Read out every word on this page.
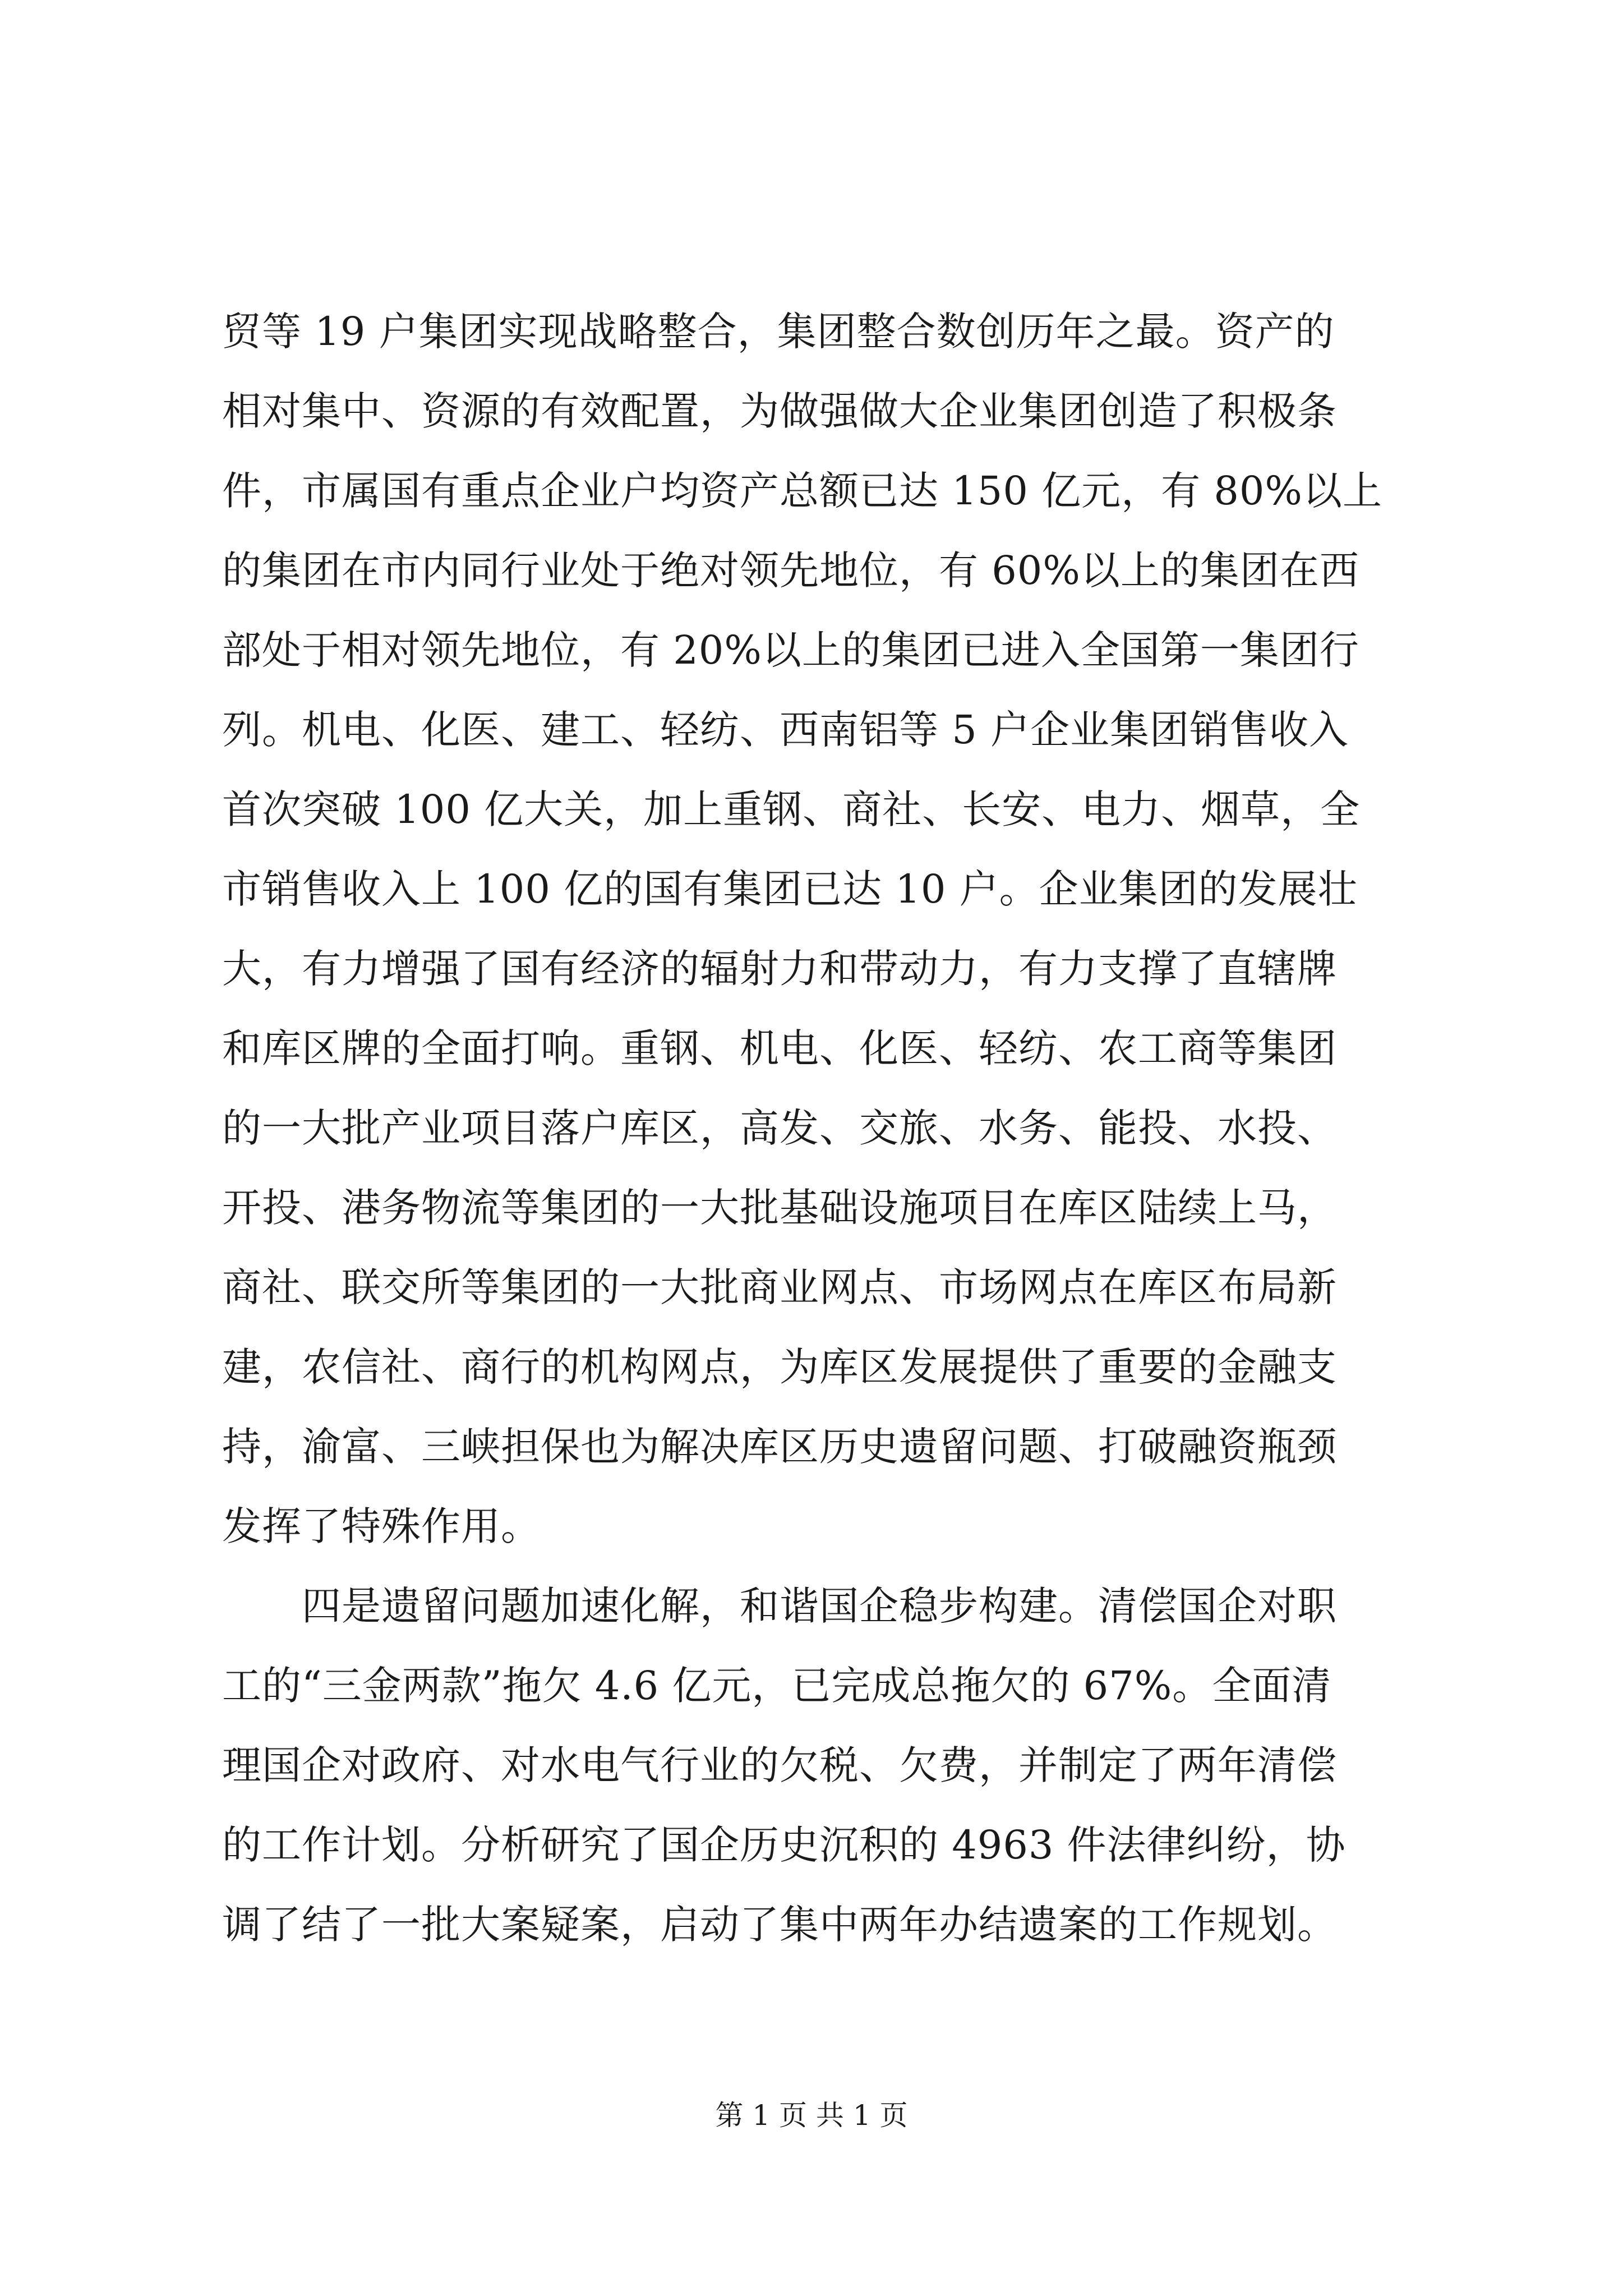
贸等 19 户集团实现战略整合，集团整合数创历年之最。资产的
相对集中、资源的有效配置，为做强做大企业集团创造了积极条
件，市属国有重点企业户均资产总额已达 150 亿元，有 80%以上
的集团在市内同行业处于绝对领先地位，有 60%以上的集团在西
部处于相对领先地位，有 20%以上的集团已进入全国第一集团行
列。机电、化医、建工、轻纺、西南铝等 5 户企业集团销售收入
首次突破 100 亿大关，加上重钢、商社、长安、电力、烟草，全
市销售收入上 100 亿的国有集团已达 10 户。企业集团的发展壮
大，有力增强了国有经济的辐射力和带动力，有力支撑了直辖牌
和库区牌的全面打响。重钢、机电、化医、轻纺、农工商等集团
的一大批产业项目落户库区，高发、交旅、水务、能投、水投、
开投、港务物流等集团的一大批基础设施项目在库区陆续上马，
商社、联交所等集团的一大批商业网点、市场网点在库区布局新
建，农信社、商行的机构网点，为库区发展提供了重要的金融支
持，渝富、三峡担保也为解决库区历史遗留问题、打破融资瓶颈
发挥了特殊作用。
　　四是遗留问题加速化解，和谐国企稳步构建。清偿国企对职
工的“三金两款”拖欠 4.6 亿元，已完成总拖欠的 67%。全面清
理国企对政府、对水电气行业的欠税、欠费，并制定了两年清偿
的工作计划。分析研究了国企历史沉积的 4963 件法律纠纷，协
调了结了一批大案疑案，启动了集中两年办结遗案的工作规划。
第 1 页 共 1 页
